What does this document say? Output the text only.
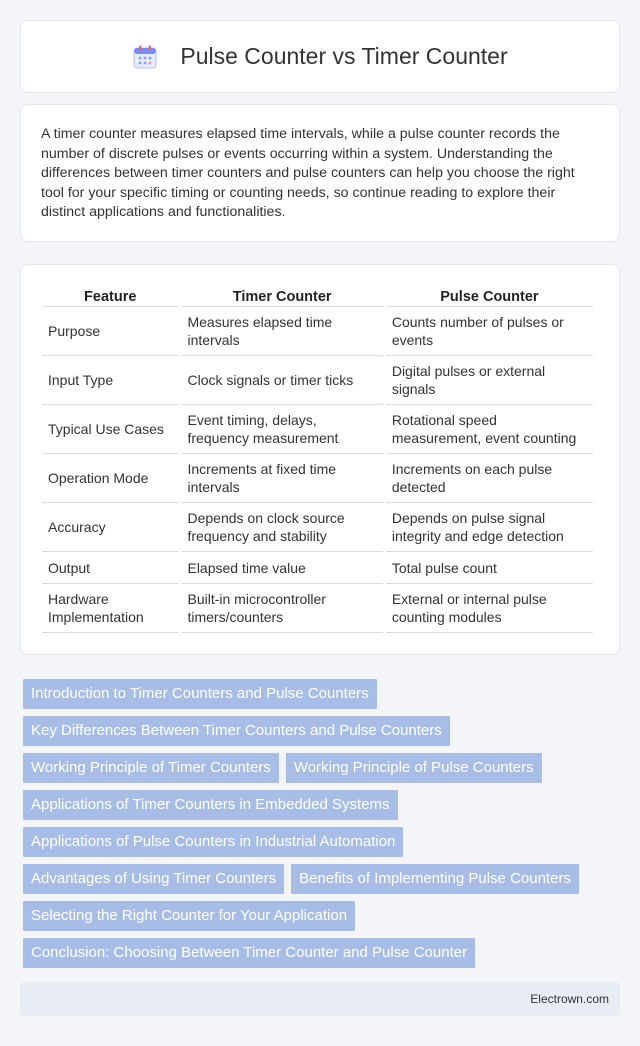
Pulse Counter vs Timer Counter

A timer counter measures elapsed time intervals, while a pulse counter records the number of discrete pulses or events occurring within a system. Understanding the differences between timer counters and pulse counters can help you choose the right tool for your specific timing or counting needs, so continue reading to explore their distinct applications and functionalities.

Feature	Timer Counter	Pulse Counter
Purpose	Measures elapsed time intervals	Counts number of pulses or events
Input Type	Clock signals or timer ticks	Digital pulses or external signals
Typical Use Cases	Event timing, delays, frequency measurement	Rotational speed measurement, event counting
Operation Mode	Increments at fixed time intervals	Increments on each pulse detected
Accuracy	Depends on clock source frequency and stability	Depends on pulse signal integrity and edge detection
Output	Elapsed time value	Total pulse count
Hardware Implementation	Built-in microcontroller timers/counters	External or internal pulse counting modules
Introduction to Timer Counters and Pulse Counters
Key Differences Between Timer Counters and Pulse Counters
Working Principle of Timer Counters	Working Principle of Pulse Counters
Applications of Timer Counters in Embedded Systems
Applications of Pulse Counters in Industrial Automation
Advantages of Using Timer Counters	Benefits of Implementing Pulse Counters
Selecting the Right Counter for Your Application
Conclusion: Choosing Between Timer Counter and Pulse Counter
Electrown.com
